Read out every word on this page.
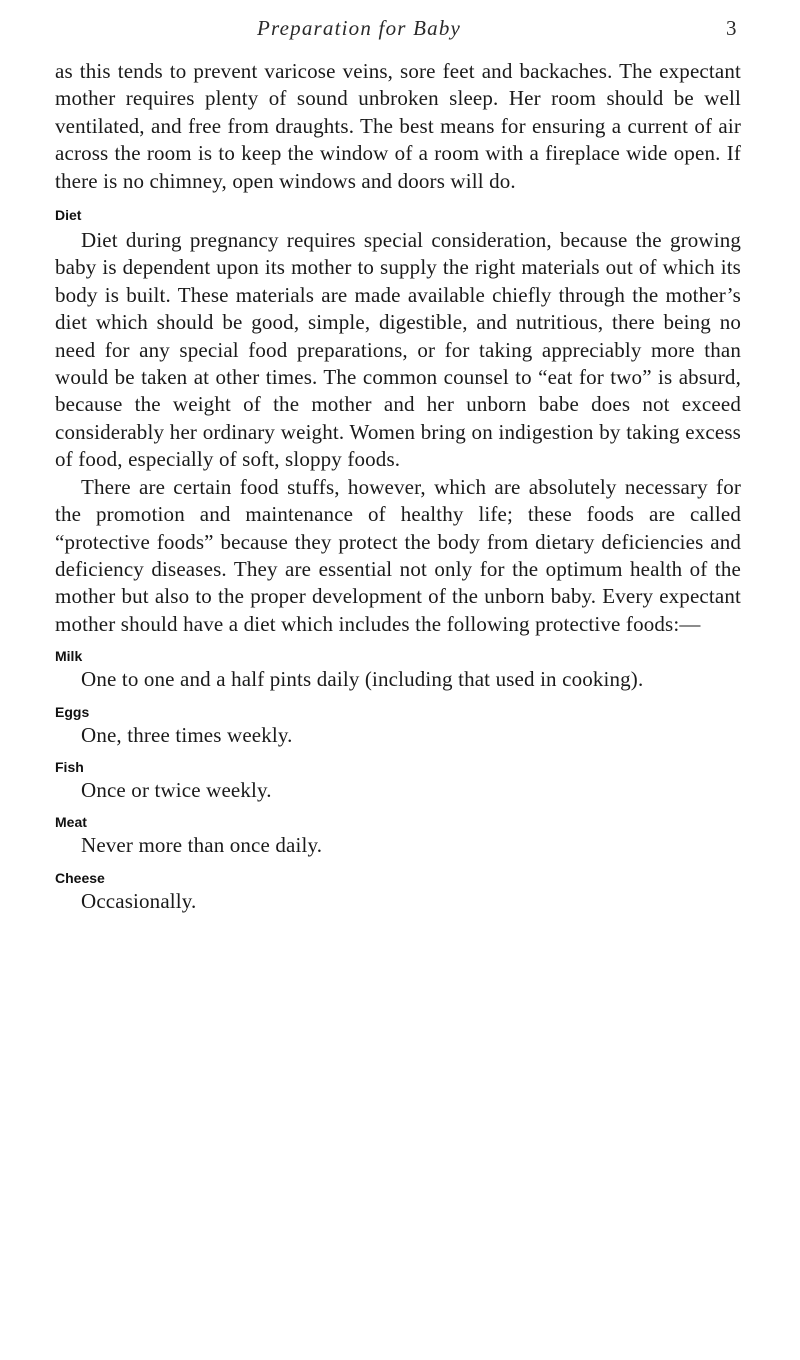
Preparation for Baby	3

as this tends to prevent varicose veins, sore feet and backaches. The expectant mother requires plenty of sound unbroken sleep. Her room should be well ventilated, and free from draughts. The best means for ensuring a current of air across the room is to keep the window of a room with a fireplace wide open. If there is no chimney, open windows and doors will do.

Diet

Diet during pregnancy requires special consideration, because the growing baby is dependent upon its mother to supply the right materials out of which its body is built. These materials are made available chiefly through the mother’s diet which should be good, simple, digestible, and nutritious, there being no need for any special food preparations, or for taking appreciably more than would be taken at other times. The common counsel to “eat for two” is absurd, because the weight of the mother and her unborn babe does not exceed considerably her ordinary weight. Women bring on indigestion by taking excess of food, especially of soft, sloppy foods.

There are certain food stuffs, however, which are absolutely necessary for the promotion and maintenance of healthy life; these foods are called “protective foods” because they protect the body from dietary deficiencies and deficiency diseases. They are essential not only for the optimum health of the mother but also to the proper development of the unborn baby. Every expectant mother should have a diet which includes the following protective foods:—

Milk

One to one and a half pints daily (including that used in cooking).

Eggs

One, three times weekly.

Fish

Once or twice weekly.

Meat

Never more than once daily.

Cheese

Occasionally.
